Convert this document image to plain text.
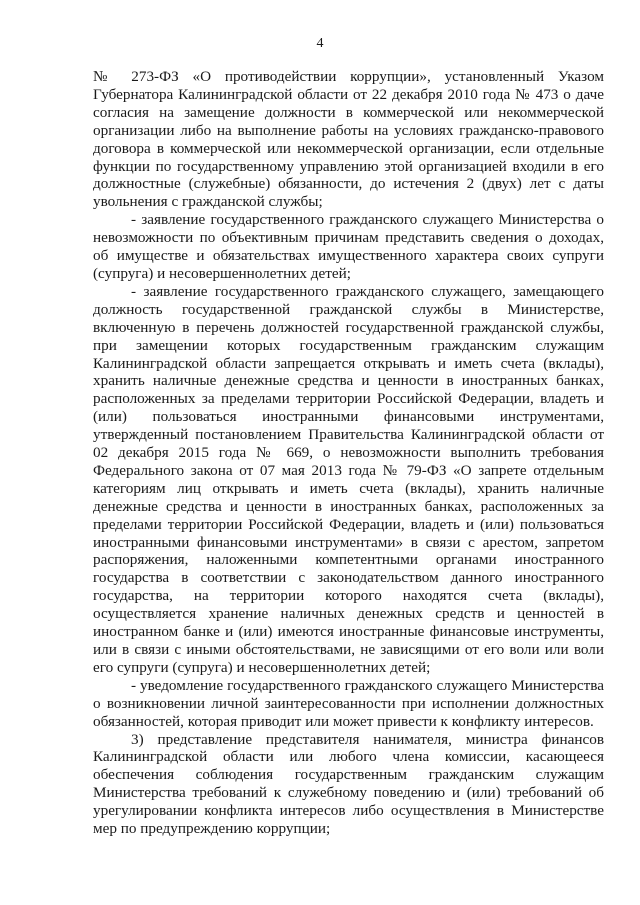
4

№ 273-ФЗ «О противодействии коррупции», установленный Указом Губернатора Калининградской области от 22 декабря 2010 года № 473 о даче согласия на замещение должности в коммерческой или некоммерческой организации либо на выполнение работы на условиях гражданско-правового договора в коммерческой или некоммерческой организации, если отдельные функции по государственному управлению этой организацией входили в его должностные (служебные) обязанности, до истечения 2 (двух) лет с даты увольнения с гражданской службы;

- заявление государственного гражданского служащего Министерства о невозможности по объективным причинам представить сведения о доходах, об имуществе и обязательствах имущественного характера своих супруги (супруга) и несовершеннолетних детей;

- заявление государственного гражданского служащего, замещающего должность государственной гражданской службы в Министерстве, включенную в перечень должностей государственной гражданской службы, при замещении которых государственным гражданским служащим Калининградской области запрещается открывать и иметь счета (вклады), хранить наличные денежные средства и ценности в иностранных банках, расположенных за пределами территории Российской Федерации, владеть и (или) пользоваться иностранными финансовыми инструментами, утвержденный постановлением Правительства Калининградской области от 02 декабря 2015 года № 669, о невозможности выполнить требования Федерального закона от 07 мая 2013 года № 79-ФЗ «О запрете отдельным категориям лиц открывать и иметь счета (вклады), хранить наличные денежные средства и ценности в иностранных банках, расположенных за пределами территории Российской Федерации, владеть и (или) пользоваться иностранными финансовыми инструментами» в связи с арестом, запретом распоряжения, наложенными компетентными органами иностранного государства в соответствии с законодательством данного иностранного государства, на территории которого находятся счета (вклады), осуществляется хранение наличных денежных средств и ценностей в иностранном банке и (или) имеются иностранные финансовые инструменты, или в связи с иными обстоятельствами, не зависящими от его воли или воли его супруги (супруга) и несовершеннолетних детей;

- уведомление государственного гражданского служащего Министерства о возникновении личной заинтересованности при исполнении должностных обязанностей, которая приводит или может привести к конфликту интересов.

3) представление представителя нанимателя, министра финансов Калининградской области или любого члена комиссии, касающееся обеспечения соблюдения государственным гражданским служащим Министерства требований к служебному поведению и (или) требований об урегулировании конфликта интересов либо осуществления в Министерстве мер по предупреждению коррупции;
